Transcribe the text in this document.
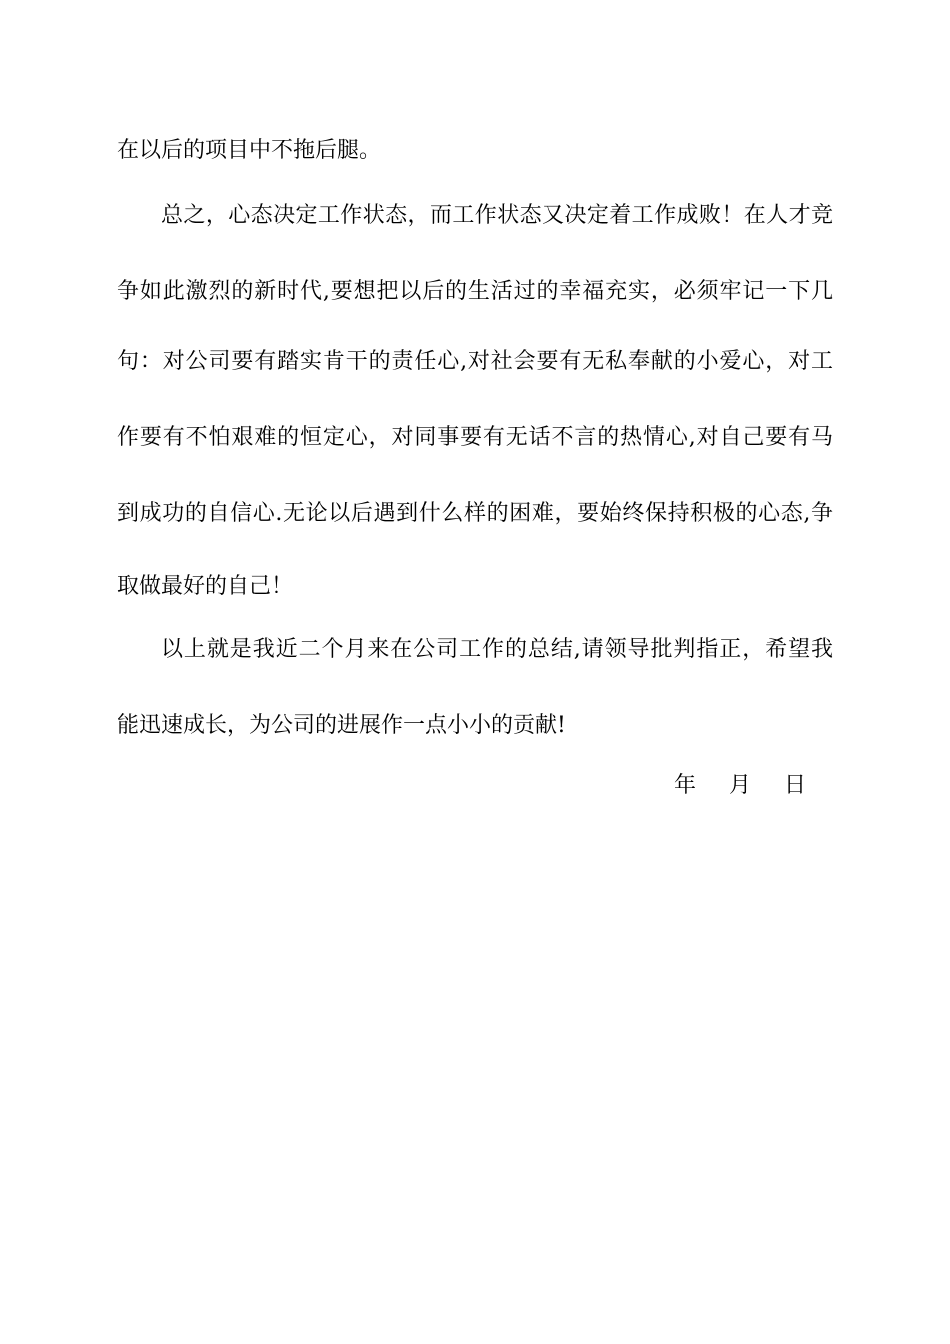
在以后的项目中不拖后腿。
总之，心态决定工作状态，而工作状态又决定着工作成败！在人才竞
争如此激烈的新时代,要想把以后的生活过的幸福充实，必须牢记一下几
句：对公司要有踏实肯干的责任心,对社会要有无私奉献的小爱心，对工
作要有不怕艰难的恒定心，对同事要有无话不言的热情心,对自己要有马
到成功的自信心.无论以后遇到什么样的困难，要始终保持积极的心态,争
取做最好的自己！
以上就是我近二个月来在公司工作的总结,请领导批判指正，希望我
能迅速成长，为公司的进展作一点小小的贡献!
年 月 日
